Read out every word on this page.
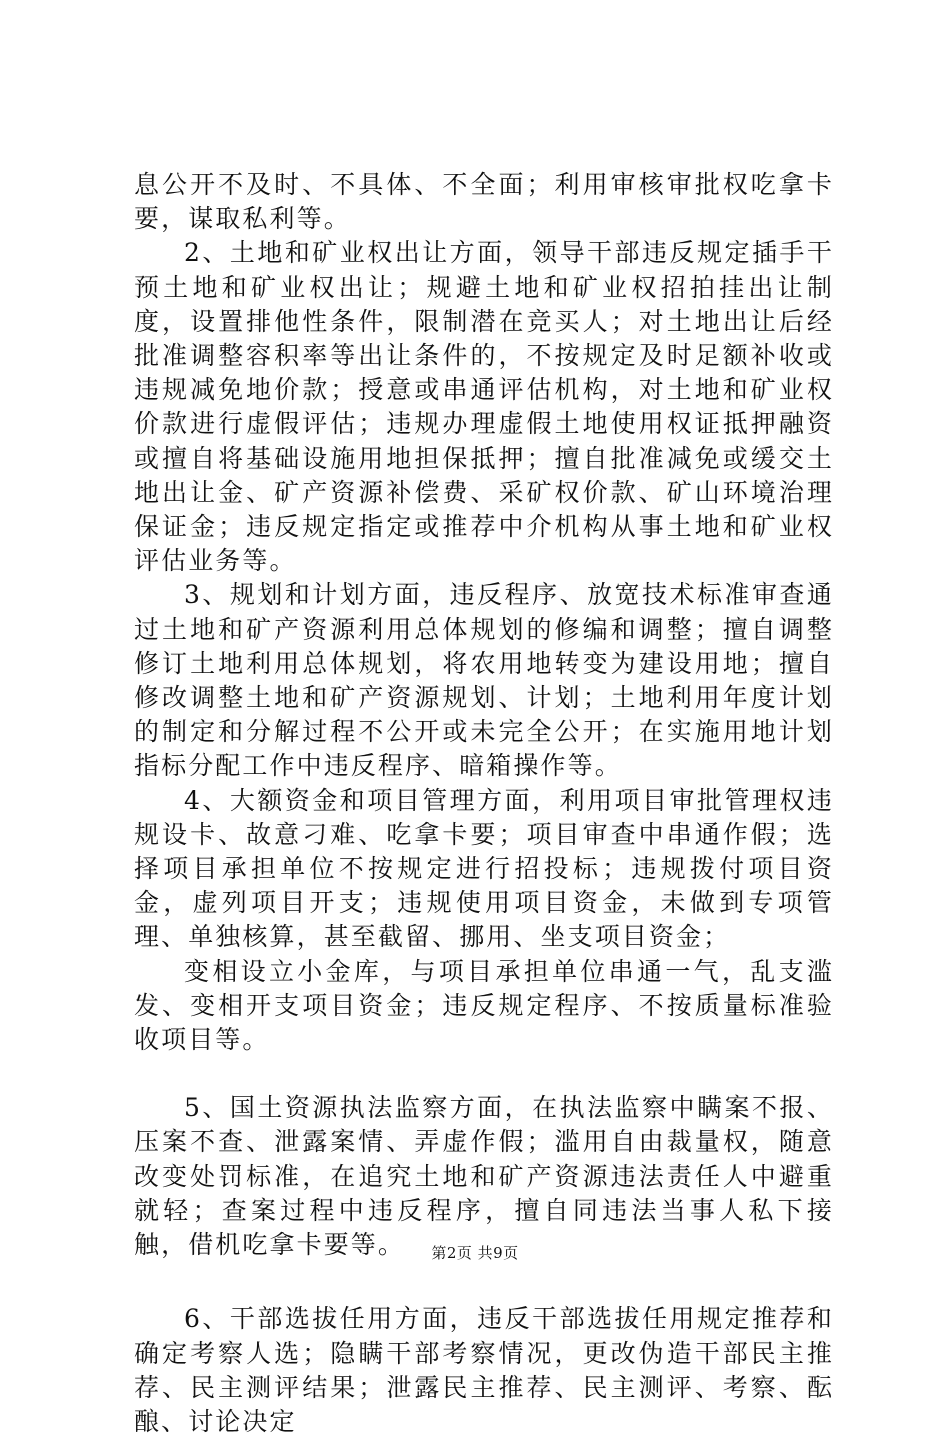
息公开不及时、不具体、不全面；利用审核审批权吃拿卡要，谋取私利等。

2、土地和矿业权出让方面，领导干部违反规定插手干预土地和矿业权出让；规避土地和矿业权招拍挂出让制度，设置排他性条件，限制潜在竞买人；对土地出让后经批准调整容积率等出让条件的，不按规定及时足额补收或违规减免地价款；授意或串通评估机构，对土地和矿业权价款进行虚假评估；违规办理虚假土地使用权证抵押融资或擅自将基础设施用地担保抵押；擅自批准减免或缓交土地出让金、矿产资源补偿费、采矿权价款、矿山环境治理保证金；违反规定指定或推荐中介机构从事土地和矿业权评估业务等。

3、规划和计划方面，违反程序、放宽技术标准审查通过土地和矿产资源利用总体规划的修编和调整；擅自调整修订土地利用总体规划，将农用地转变为建设用地；擅自修改调整土地和矿产资源规划、计划；土地利用年度计划的制定和分解过程不公开或未完全公开；在实施用地计划指标分配工作中违反程序、暗箱操作等。

4、大额资金和项目管理方面，利用项目审批管理权违规设卡、故意刁难、吃拿卡要；项目审查中串通作假；选择项目承担单位不按规定进行招投标；违规拨付项目资金，虚列项目开支；违规使用项目资金，未做到专项管理、单独核算，甚至截留、挪用、坐支项目资金；

变相设立小金库，与项目承担单位串通一气，乱支滥发、变相开支项目资金；违反规定程序、不按质量标准验收项目等。

5、国土资源执法监察方面，在执法监察中瞒案不报、压案不查、泄露案情、弄虚作假；滥用自由裁量权，随意改变处罚标准，在追究土地和矿产资源违法责任人中避重就轻；查案过程中违反程序，擅自同违法当事人私下接触，借机吃拿卡要等。

6、干部选拔任用方面，违反干部选拔任用规定推荐和确定考察人选；隐瞒干部考察情况，更改伪造干部民主推荐、民主测评结果；泄露民主推荐、民主测评、考察、酝酿、讨论决定

第2页 共9页
